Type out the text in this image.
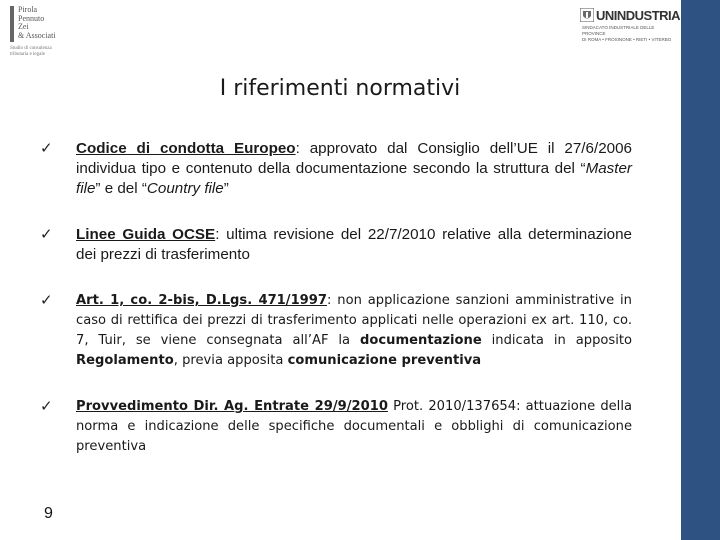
Pirola
Pennuto
Zei
& Associati
Studio di consulenza
tributaria e legale
UNINDUSTRIA
SINDACATO INDUSTRIALE DELLE PROVINCE
DI ROMA • FROSINONE • RIETI • VITERBO
I riferimenti normativi
✓ Codice di condotta Europeo: approvato dal Consiglio dell’UE il 27/6/2006 individua tipo e contenuto della documentazione secondo la struttura del “Master file” e del “Country file”
✓ Linee Guida OCSE: ultima revisione del 22/7/2010 relative alla determinazione dei prezzi di trasferimento
✓ Art. 1, co. 2-bis, D.Lgs. 471/1997: non applicazione sanzioni amministrative in caso di rettifica dei prezzi di trasferimento applicati nelle operazioni ex art. 110, co. 7, Tuir, se viene consegnata all’AF la documentazione indicata in apposito Regolamento, previa apposita comunicazione preventiva
✓ Provvedimento Dir. Ag. Entrate 29/9/2010 Prot. 2010/137654: attuazione della norma e indicazione delle specifiche documentali e obblighi di comunicazione preventiva
9
